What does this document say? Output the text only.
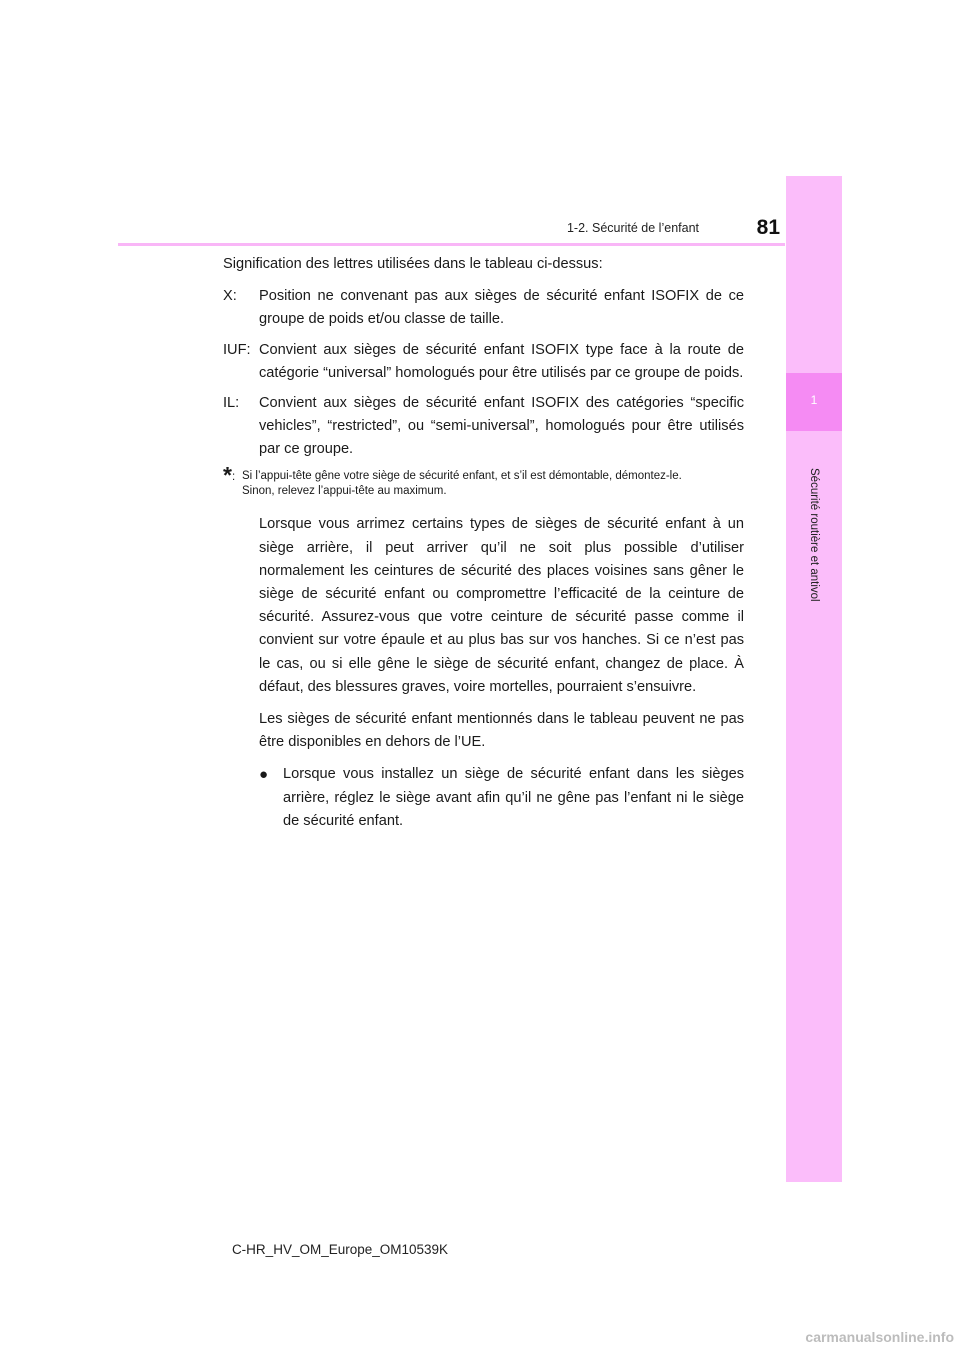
1
Sécurité routière et antivol
1-2. Sécurité de l’enfant	81

Signification des lettres utilisées dans le tableau ci-dessus:

X:	Position ne convenant pas aux sièges de sécurité enfant ISOFIX de ce groupe de poids et/ou classe de taille.
IUF: Convient aux sièges de sécurité enfant ISOFIX type face à la route de catégorie “universal” homologués pour être utilisés par ce groupe de poids.
IL:	Convient aux sièges de sécurité enfant ISOFIX des catégories “specific vehicles”, “restricted”, ou “semi-universal”, homologués pour être utilisés par ce groupe.
*: Si l’appui-tête gêne votre siège de sécurité enfant, et s’il est démontable, démontez-le.
Sinon, relevez l’appui-tête au maximum.

Lorsque vous arrimez certains types de sièges de sécurité enfant à un siège arrière, il peut arriver qu’il ne soit plus possible d’utiliser normalement les ceintures de sécurité des places voisines sans gêner le siège de sécurité enfant ou compromettre l’efficacité de la ceinture de sécurité. Assurez-vous que votre ceinture de sécurité passe comme il convient sur votre épaule et au plus bas sur vos hanches. Si ce n’est pas le cas, ou si elle gêne le siège de sécurité enfant, changez de place. À défaut, des blessures graves, voire mortelles, pourraient s’ensuivre.

Les sièges de sécurité enfant mentionnés dans le tableau peuvent ne pas être disponibles en dehors de l’UE.

●	Lorsque vous installez un siège de sécurité enfant dans les sièges arrière, réglez le siège avant afin qu’il ne gêne pas l’enfant ni le siège de sécurité enfant.
C-HR_HV_OM_Europe_OM10539K
carmanualsonline.info
